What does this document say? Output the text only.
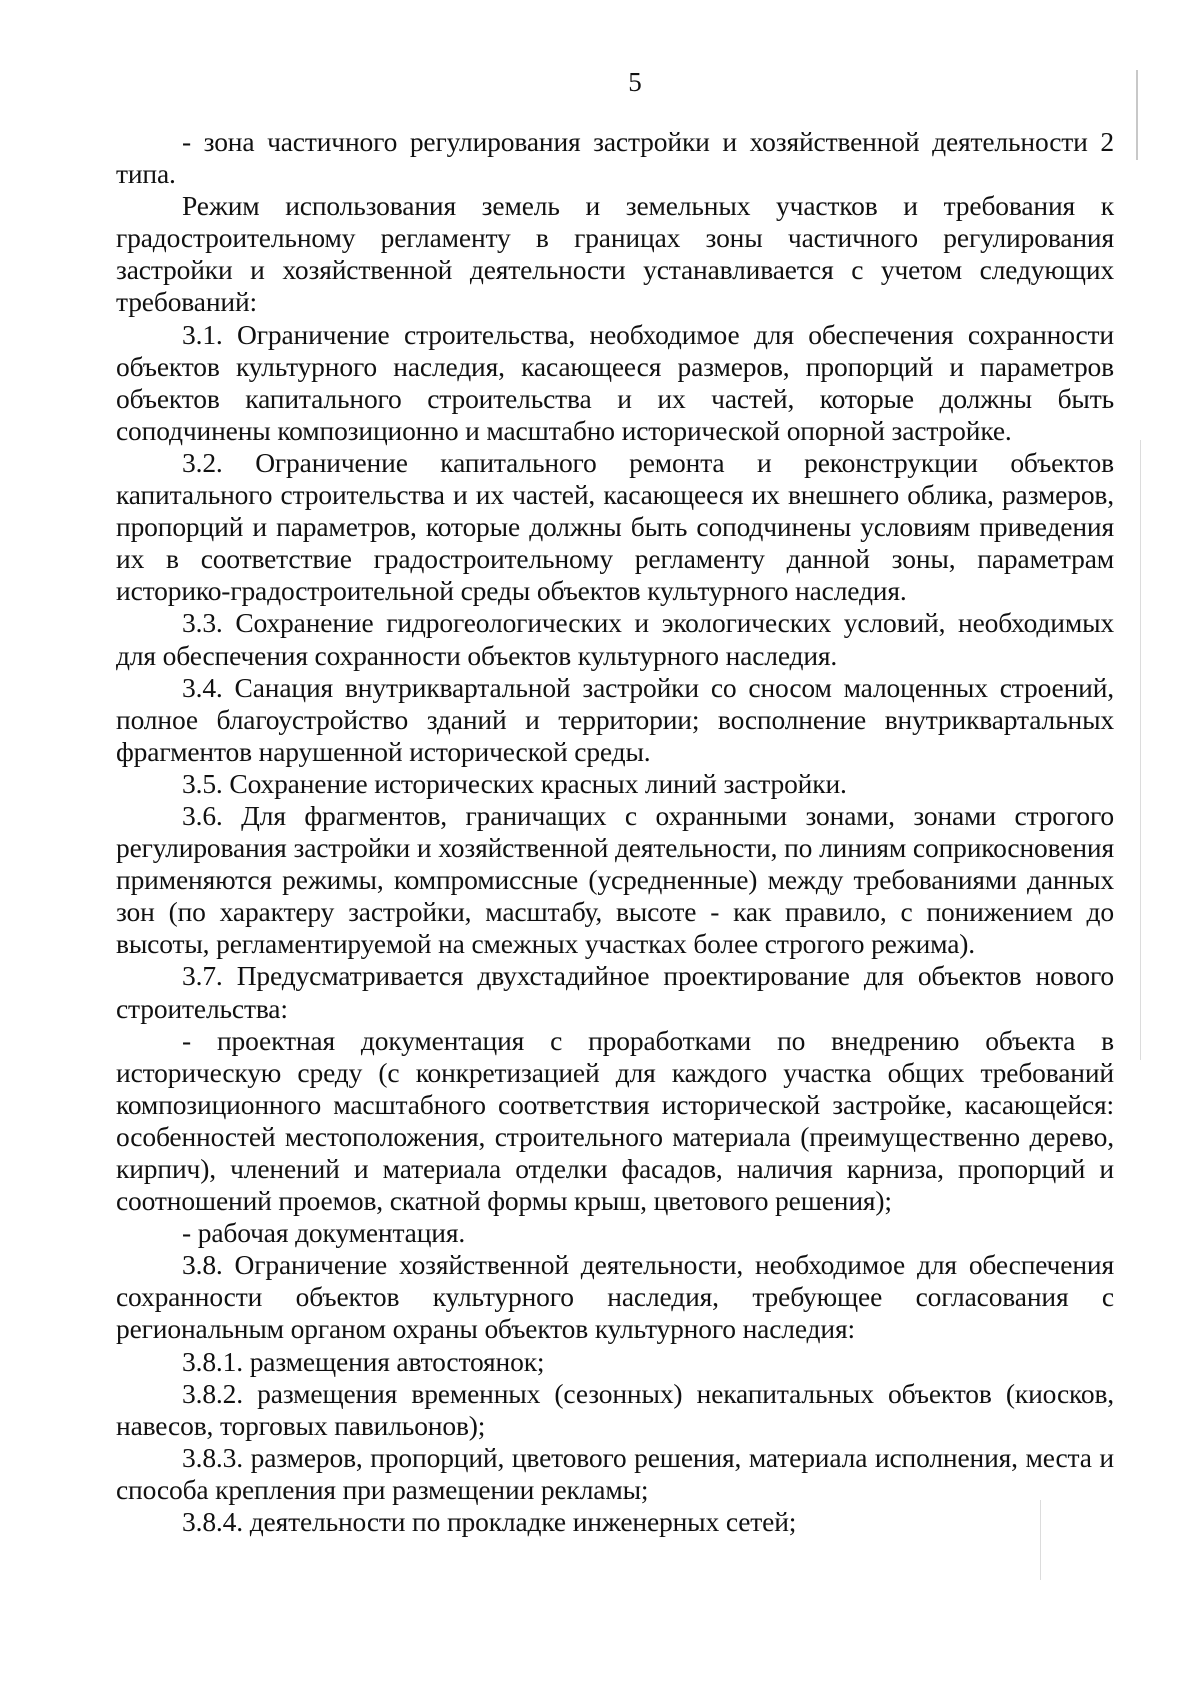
5

- зона частичного регулирования застройки и хозяйственной деятельности 2 типа.

Режим использования земель и земельных участков и требования к градостроительному регламенту в границах зоны частичного регулирования застройки и хозяйственной деятельности устанавливается с учетом следующих требований:

3.1. Ограничение строительства, необходимое для обеспечения сохранности объектов культурного наследия, касающееся размеров, пропорций и параметров объектов капитального строительства и их частей, которые должны быть соподчинены композиционно и масштабно исторической опорной застройке.

3.2. Ограничение капитального ремонта и реконструкции объектов капитального строительства и их частей, касающееся их внешнего облика, размеров, пропорций и параметров, которые должны быть соподчинены условиям приведения их в соответствие градостроительному регламенту данной зоны, параметрам историко-градостроительной среды объектов культурного наследия.

3.3. Сохранение гидрогеологических и экологических условий, необходимых для обеспечения сохранности объектов культурного наследия.

3.4. Санация внутриквартальной застройки со сносом малоценных строений, полное благоустройство зданий и территории; восполнение внутриквартальных фрагментов нарушенной исторической среды.

3.5. Сохранение исторических красных линий застройки.

3.6. Для фрагментов, граничащих с охранными зонами, зонами строгого регулирования застройки и хозяйственной деятельности, по линиям соприкосновения применяются режимы, компромиссные (усредненные) между требованиями данных зон (по характеру застройки, масштабу, высоте - как правило, с понижением до высоты, регламентируемой на смежных участках более строгого режима).

3.7. Предусматривается двухстадийное проектирование для объектов нового строительства:

- проектная документация с проработками по внедрению объекта в историческую среду (с конкретизацией для каждого участка общих требований композиционного масштабного соответствия исторической застройке, касающейся: особенностей местоположения, строительного материала (преимущественно дерево, кирпич), членений и материала отделки фасадов, наличия карниза, пропорций и соотношений проемов, скатной формы крыш, цветового решения);

- рабочая документация.

3.8. Ограничение хозяйственной деятельности, необходимое для обеспечения сохранности объектов культурного наследия, требующее согласования с региональным органом охраны объектов культурного наследия:

3.8.1. размещения автостоянок;

3.8.2. размещения временных (сезонных) некапитальных объектов (киосков, навесов, торговых павильонов);

3.8.3. размеров, пропорций, цветового решения, материала исполнения, места и способа крепления при размещении рекламы;

3.8.4. деятельности по прокладке инженерных сетей;
